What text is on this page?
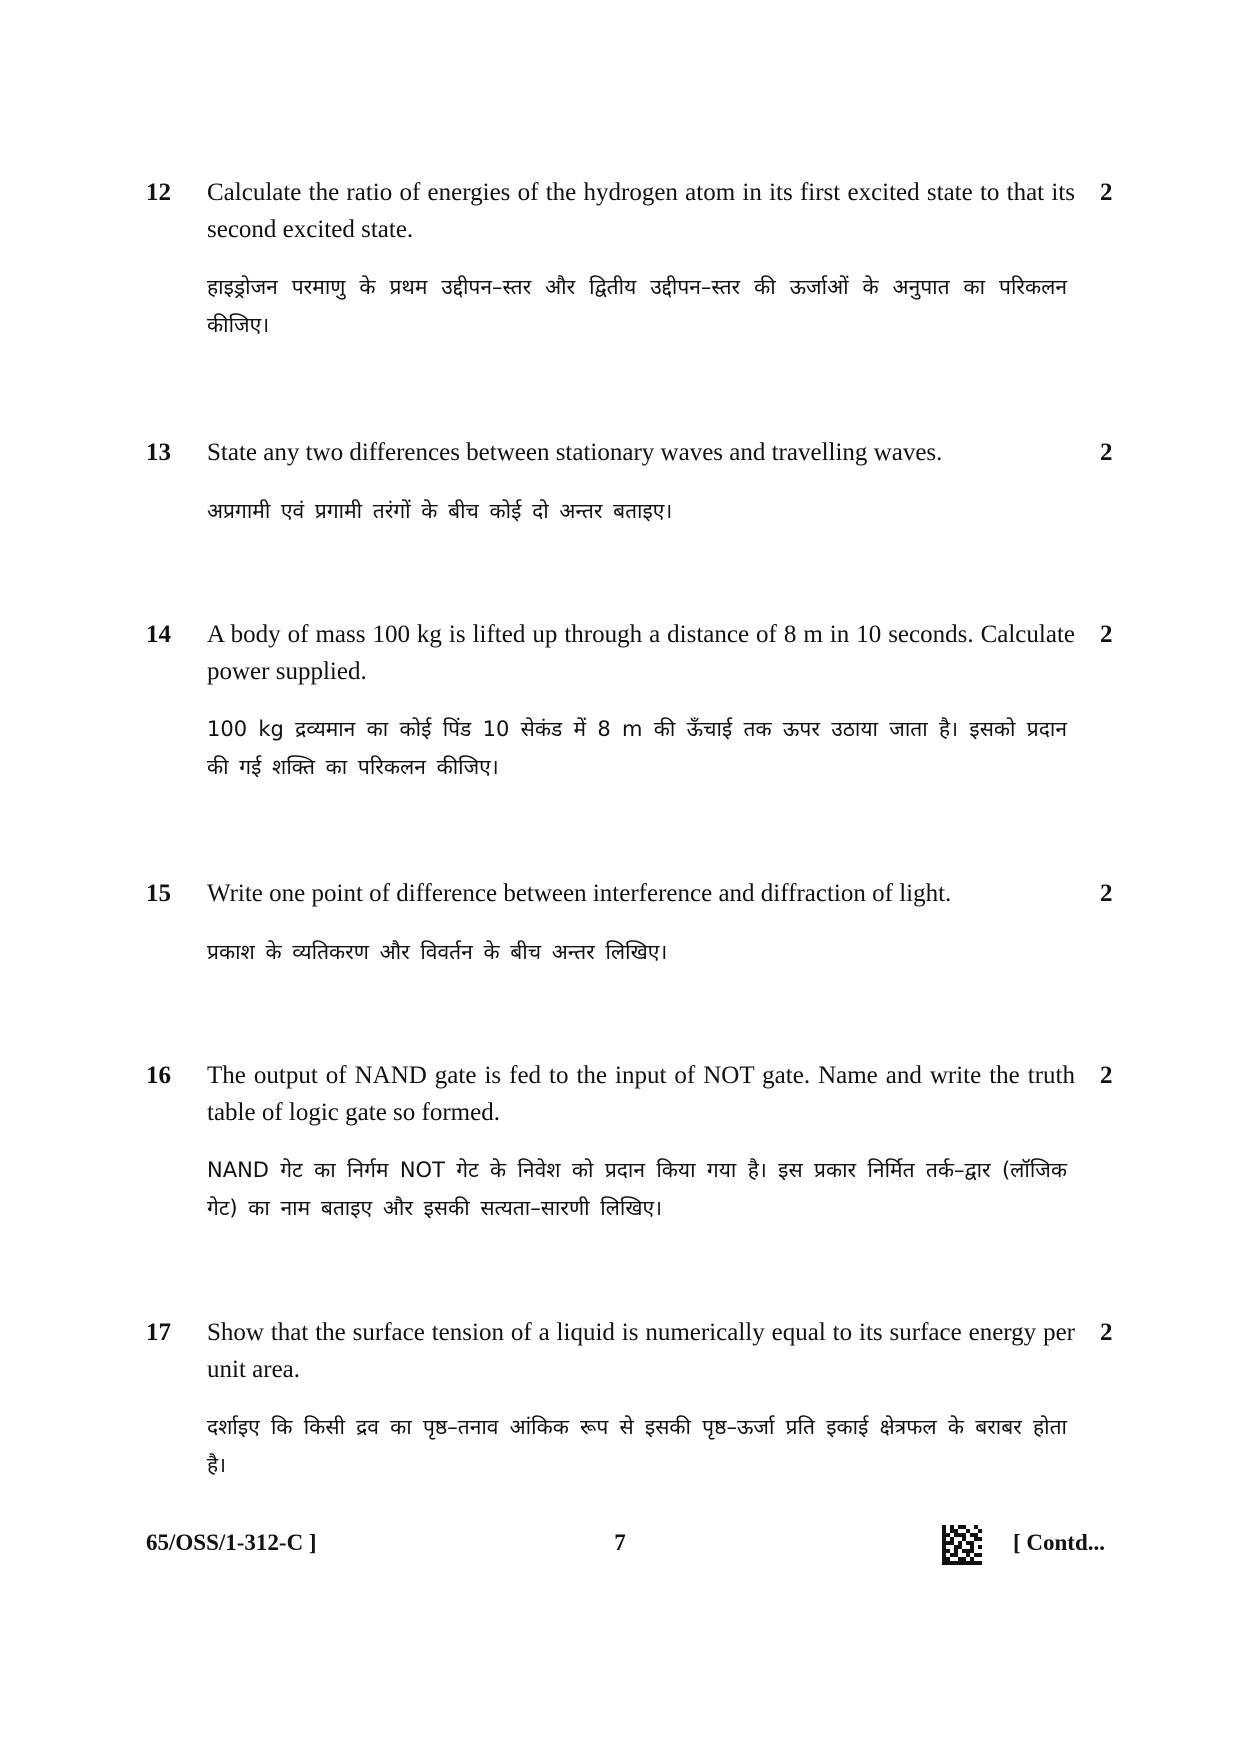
12 Calculate the ratio of energies of the hydrogen atom in its first excited state to that its second excited state.
2
हाइड्रोजन परमाणु के प्रथम उद्दीपन–स्तर और द्वितीय उद्दीपन–स्तर की ऊर्जाओं के अनुपात का परिकलन कीजिए।
13 State any two differences between stationary waves and travelling waves.	2
अप्रगामी एवं प्रगामी तरंगों के बीच कोई दो अन्तर बताइए।
14 A body of mass 100 kg is lifted up through a distance of 8 m in 10 seconds. Calculate power supplied.
2
100 kg द्रव्यमान का कोई पिंड 10 सेकंड में 8 m की ऊँचाई तक ऊपर उठाया जाता है। इसको प्रदान की गई शक्ति का परिकलन कीजिए।
15 Write one point of difference between interference and diffraction of light.	2
प्रकाश के व्यतिकरण और विवर्तन के बीच अन्तर लिखिए।
16 The output of NAND gate is fed to the input of NOT gate. Name and write the truth table of logic gate so formed.
2
NAND गेट का निर्गम NOT गेट के निवेश को प्रदान किया गया है। इस प्रकार निर्मित तर्क–द्वार (लॉजिक गेट) का नाम बताइए और इसकी सत्यता–सारणी लिखिए।
17 Show that the surface tension of a liquid is numerically equal to its surface energy per unit area.
2
दर्शाइए कि किसी द्रव का पृष्ठ–तनाव आंकिक रूप से इसकी पृष्ठ–ऊर्जा प्रति इकाई क्षेत्रफल के बराबर होता है।
65/OSS/1-312-C ]	7	[ Contd...
